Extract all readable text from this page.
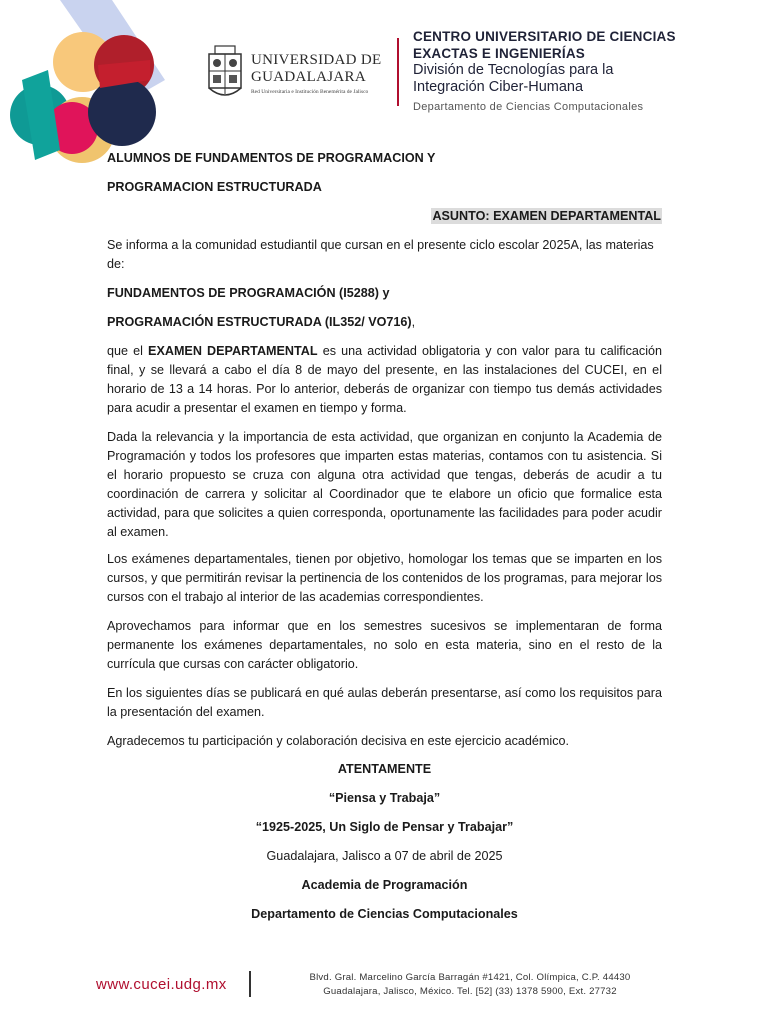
UNIVERSIDAD DE GUADALAJARA
Red Universitaria e Institución Benemérita de Jalisco
CENTRO UNIVERSITARIO DE CIENCIAS
EXACTAS E INGENIERÍAS
División de Tecnologías para la
Integración Ciber-Humana
Departamento de Ciencias Computacionales

ALUMNOS DE FUNDAMENTOS DE PROGRAMACION Y

PROGRAMACION ESTRUCTURADA

ASUNTO: EXAMEN DEPARTAMENTAL

Se informa a la comunidad estudiantil que cursan en el presente ciclo escolar 2025A, las materias de:

FUNDAMENTOS DE PROGRAMACIÓN (I5288) y

PROGRAMACIÓN ESTRUCTURADA (IL352/ VO716),

que el EXAMEN DEPARTAMENTAL es una actividad obligatoria y con valor para tu calificación final, y se llevará a cabo el día 8 de mayo del presente, en las instalaciones del CUCEI, en el horario de 13 a 14 horas. Por lo anterior, deberás de organizar con tiempo tus demás actividades para acudir a presentar el examen en tiempo y forma.

Dada la relevancia y la importancia de esta actividad, que organizan en conjunto la Academia de Programación y todos los profesores que imparten estas materias, contamos con tu asistencia. Si el horario propuesto se cruza con alguna otra actividad que tengas, deberás de acudir a tu coordinación de carrera y solicitar al Coordinador que te elabore un oficio que formalice esta actividad, para que solicites a quien corresponda, oportunamente las facilidades para poder acudir al examen.

Los exámenes departamentales, tienen por objetivo, homologar los temas que se imparten en los cursos, y que permitirán revisar la pertinencia de los contenidos de los programas, para mejorar los cursos con el trabajo al interior de las academias correspondientes.

Aprovechamos para informar que en los semestres sucesivos se implementaran de forma permanente los exámenes departamentales, no solo en esta materia, sino en el resto de la currícula que cursas con carácter obligatorio.

En los siguientes días se publicará en qué aulas deberán presentarse, así como los requisitos para la presentación del examen.

Agradecemos tu participación y colaboración decisiva en este ejercicio académico.

ATENTAMENTE

“Piensa y Trabaja”

“1925-2025, Un Siglo de Pensar y Trabajar”

Guadalajara, Jalisco a 07 de abril de 2025

Academia de Programación

Departamento de Ciencias Computacionales

www.cucei.udg.mx	Blvd. Gral. Marcelino García Barragán #1421, Col. Olímpica, C.P. 44430
Guadalajara, Jalisco, México. Tel. [52] (33) 1378 5900, Ext. 27732
